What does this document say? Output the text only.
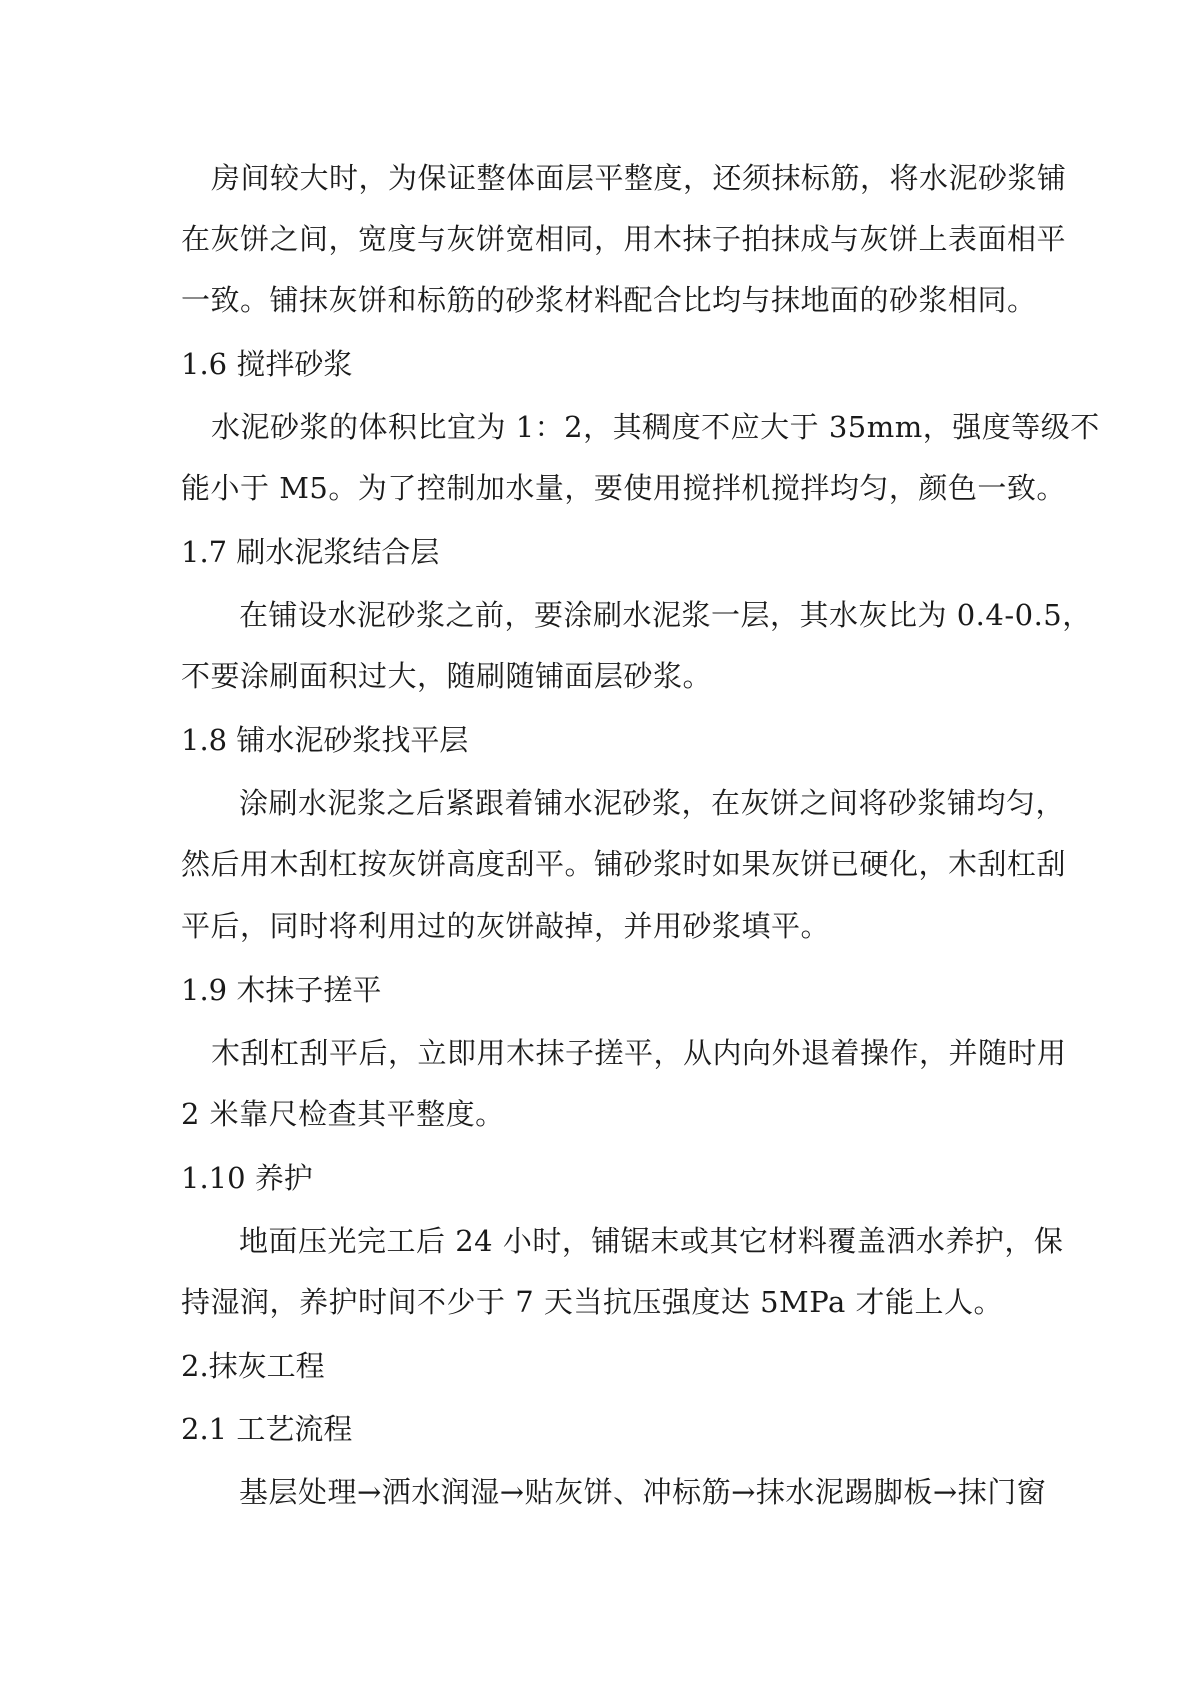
房间较大时，为保证整体面层平整度，还须抹标筋，将水泥砂浆铺
在灰饼之间，宽度与灰饼宽相同，用木抹子拍抹成与灰饼上表面相平
一致。铺抹灰饼和标筋的砂浆材料配合比均与抹地面的砂浆相同。
1.6 搅拌砂浆
水泥砂浆的体积比宜为 1：2，其稠度不应大于 35mm，强度等级不
能小于 M5。为了控制加水量，要使用搅拌机搅拌均匀，颜色一致。
1.7 刷水泥浆结合层
在铺设水泥砂浆之前，要涂刷水泥浆一层，其水灰比为 0.4-0.5，
不要涂刷面积过大，随刷随铺面层砂浆。
1.8 铺水泥砂浆找平层
涂刷水泥浆之后紧跟着铺水泥砂浆，在灰饼之间将砂浆铺均匀，
然后用木刮杠按灰饼高度刮平。铺砂浆时如果灰饼已硬化，木刮杠刮
平后，同时将利用过的灰饼敲掉，并用砂浆填平。
1.9 木抹子搓平
木刮杠刮平后，立即用木抹子搓平，从内向外退着操作，并随时用
2 米靠尺检查其平整度。
1.10 养护
地面压光完工后 24 小时，铺锯末或其它材料覆盖洒水养护，保
持湿润，养护时间不少于 7 天当抗压强度达 5MPa 才能上人。
2.抹灰工程
2.1 工艺流程
基层处理→洒水润湿→贴灰饼、冲标筋→抹水泥踢脚板→抹门窗
